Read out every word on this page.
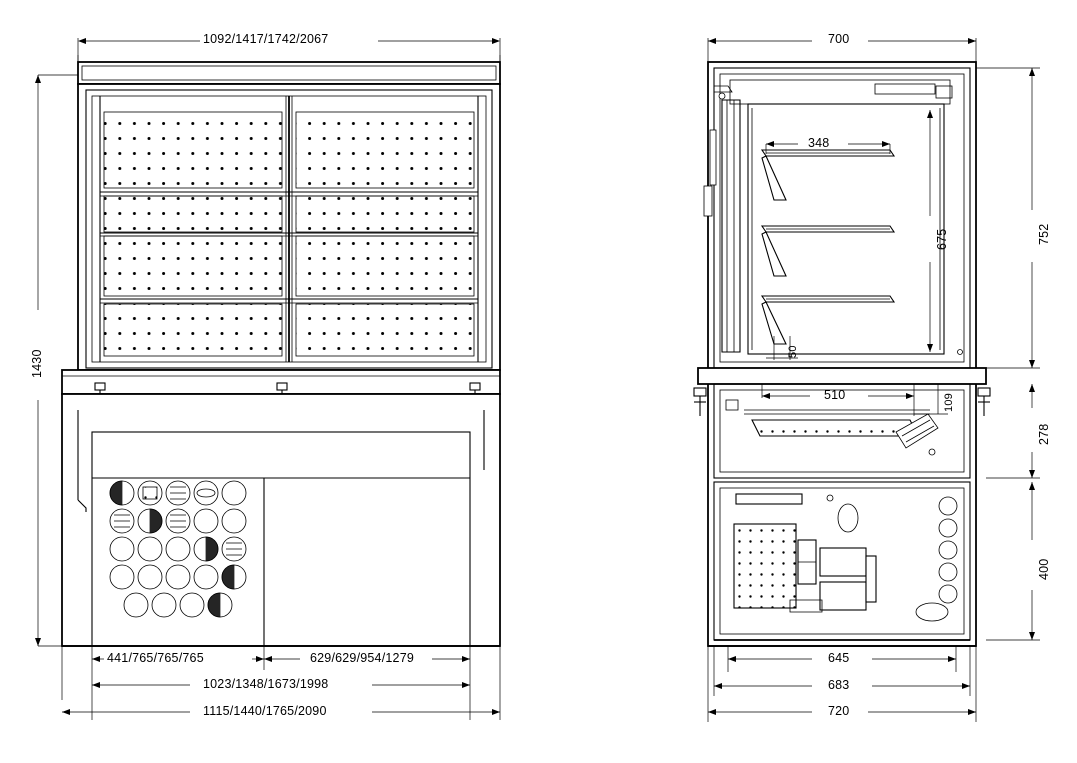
1092/1417/1742/2067
1430
441/765/765/765	629/629/954/1279
1023/1348/1673/1998
1115/1440/1765/2090
700
348
675	752
50
510	109
278
400
645
683
720
